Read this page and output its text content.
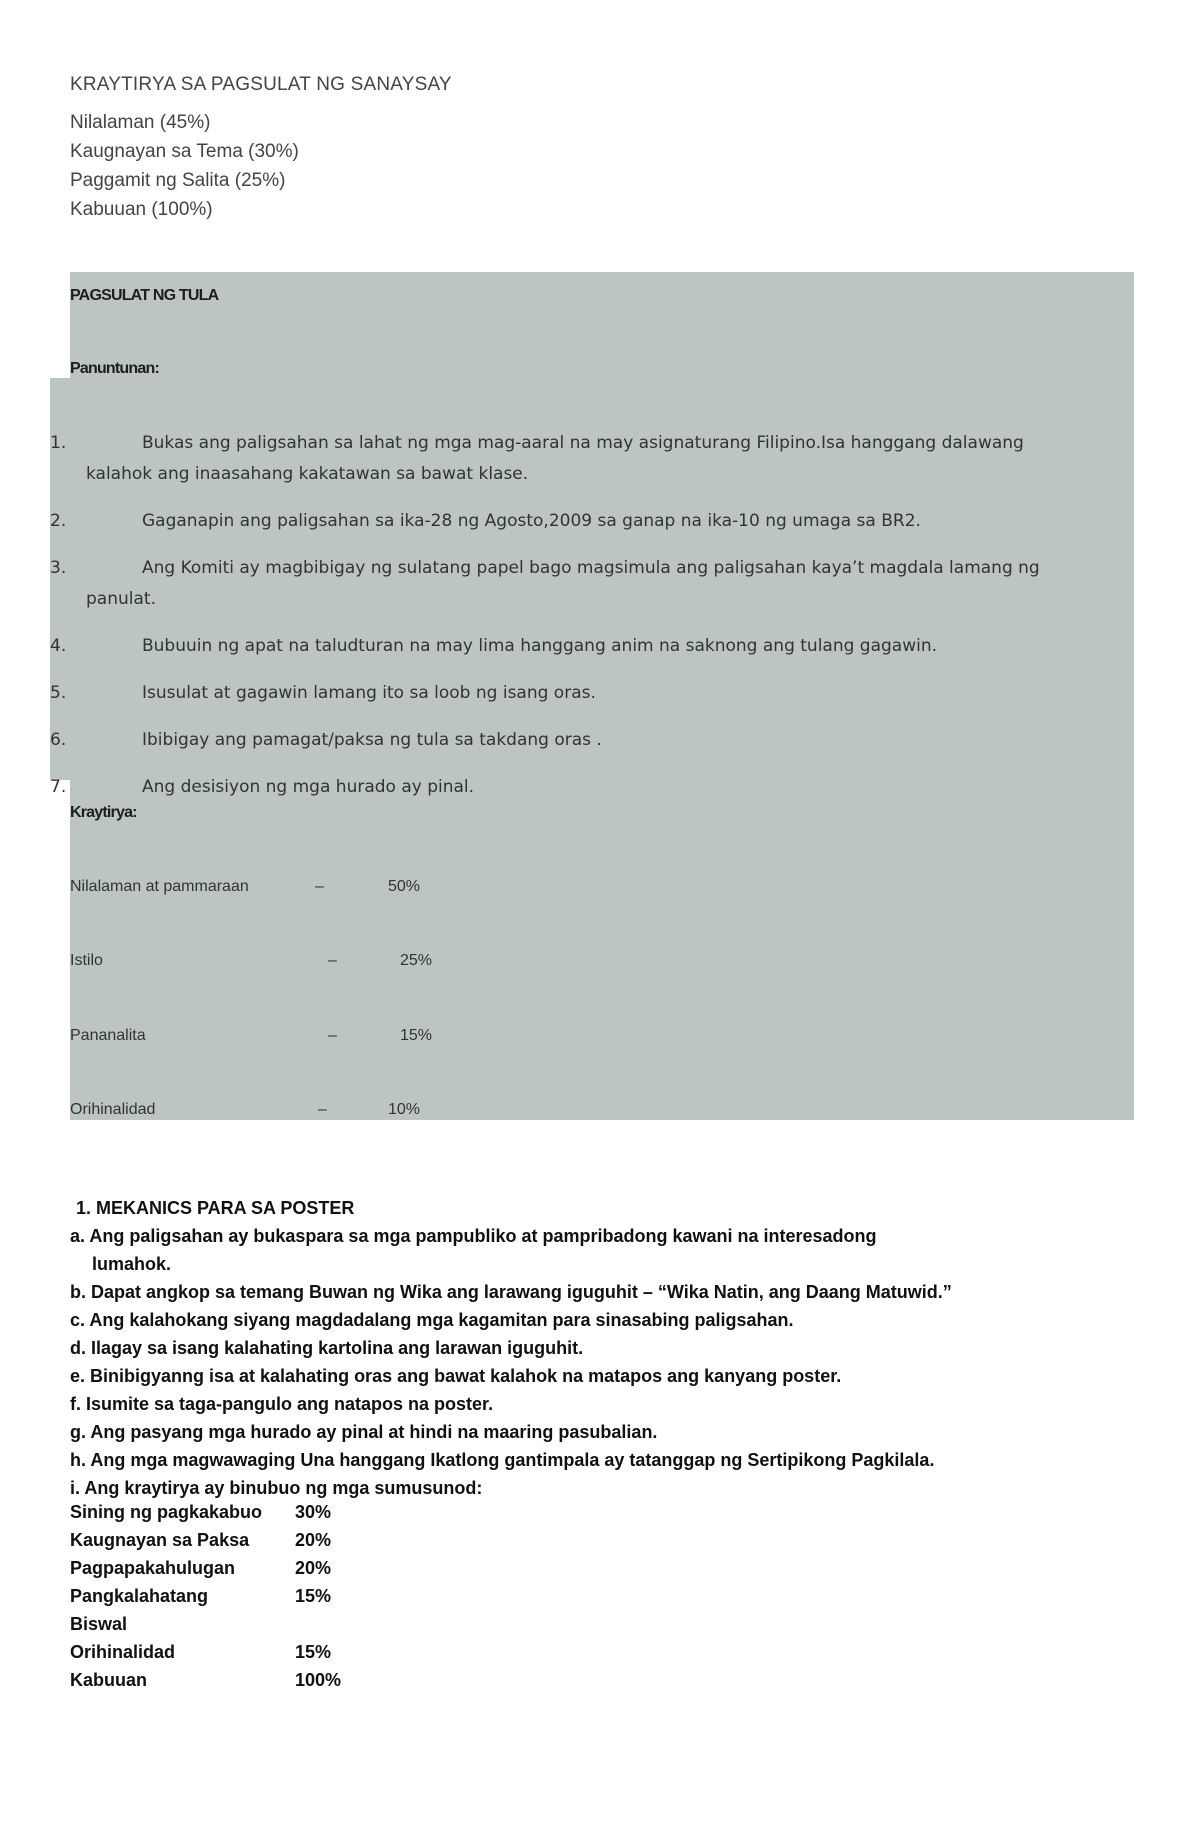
KRAYTIRYA SA PAGSULAT NG SANAYSAY
Nilalaman (45%)
Kaugnayan sa Tema (30%)
Paggamit ng Salita (25%)
Kabuuan (100%)
PAGSULAT NG TULA
Panuntunan:
1.	Bukas ang paligsahan sa lahat ng mga mag-aaral na may asignaturang Filipino.Isa hanggang dalawang
kalahok ang inaasahang kakatawan sa bawat klase.
2.	Gaganapin ang paligsahan sa ika-28 ng Agosto,2009 sa ganap na ika-10 ng umaga sa BR2.
3.	Ang Komiti ay magbibigay ng sulatang papel bago magsimula ang paligsahan kaya’t magdala lamang ng
panulat.
4.	Bubuuin ng apat na taludturan na may lima hanggang anim na saknong ang tulang gagawin.
5.	Isusulat at gagawin lamang ito sa loob ng isang oras.
6.	Ibibigay ang pamagat/paksa ng tula sa takdang oras .
7.	Ang desisiyon ng mga hurado ay pinal.
Kraytirya:
Nilalaman at pammaraan	–	50%
Istilo	–	25%
Pananalita	–	15%
Orihinalidad	–	10%
1. MEKANICS PARA SA POSTER
a. Ang paligsahan ay bukaspara sa mga pampubliko at pampribadong kawani na interesadong
lumahok.
b. Dapat angkop sa temang Buwan ng Wika ang larawang iguguhit – “Wika Natin, ang Daang Matuwid.”
c. Ang kalahokang siyang magdadalang mga kagamitan para sinasabing paligsahan.
d. Ilagay sa isang kalahating kartolina ang larawan iguguhit.
e. Binibigyanng isa at kalahating oras ang bawat kalahok na matapos ang kanyang poster.
f. Isumite sa taga-pangulo ang natapos na poster.
g. Ang pasyang mga hurado ay pinal at hindi na maaring pasubalian.
h. Ang mga magwawaging Una hanggang Ikatlong gantimpala ay tatanggap ng Sertipikong Pagkilala.
i. Ang kraytirya ay binubuo ng mga sumusunod:
Sining ng pagkakabuo 30%
Kaugnayan sa Paksa	20%
Pagpapakahulugan	20%
Pangkalahatang	15%
Biswal
Orihinalidad	15%
Kabuuan	100%
